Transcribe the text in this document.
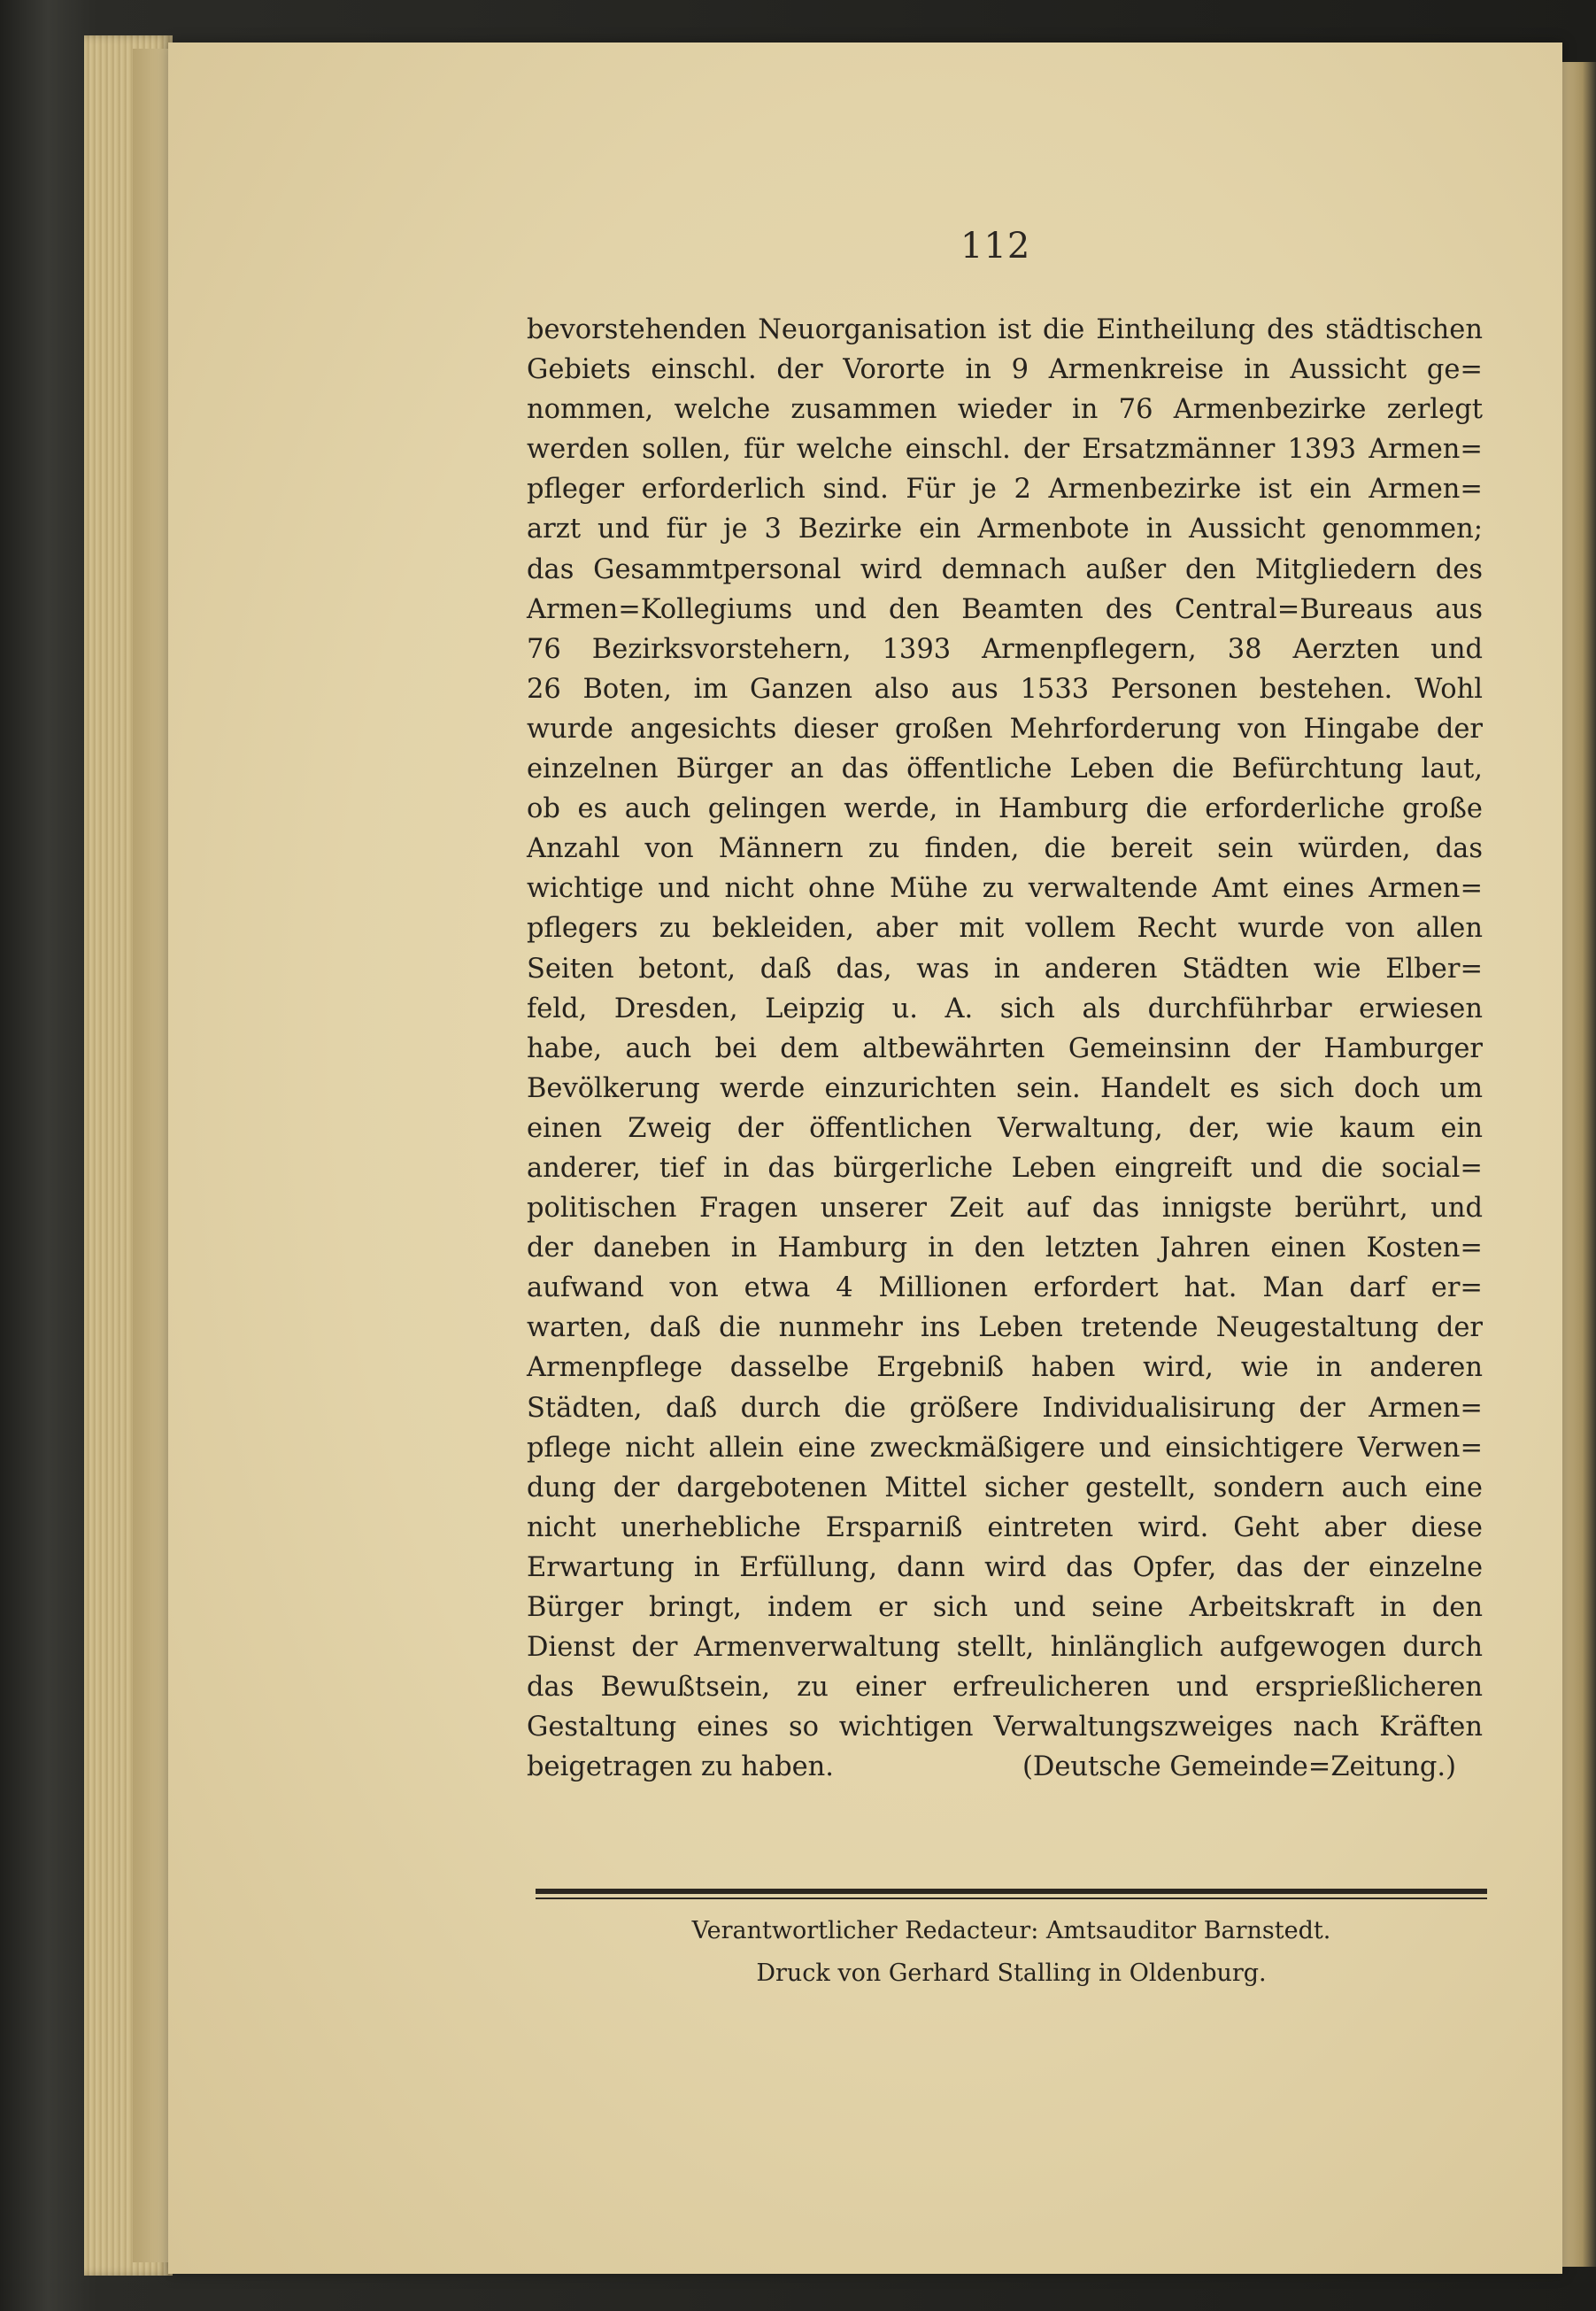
112
bevorstehenden Neuorganisation ist die Eintheilung des städtischen
Gebiets einschl. der Vororte in 9 Armenkreise in Aussicht ge=
nommen, welche zusammen wieder in 76 Armenbezirke zerlegt
werden sollen, für welche einschl. der Ersatzmänner 1393 Armen=
pfleger erforderlich sind. Für je 2 Armenbezirke ist ein Armen=
arzt und für je 3 Bezirke ein Armenbote in Aussicht genommen;
das Gesammtpersonal wird demnach außer den Mitgliedern des
Armen=Kollegiums und den Beamten des Central=Bureaus aus
76 Bezirksvorstehern, 1393 Armenpflegern, 38 Aerzten und
26 Boten, im Ganzen also aus 1533 Personen bestehen. Wohl
wurde angesichts dieser großen Mehrforderung von Hingabe der
einzelnen Bürger an das öffentliche Leben die Befürchtung laut,
ob es auch gelingen werde, in Hamburg die erforderliche große
Anzahl von Männern zu finden, die bereit sein würden, das
wichtige und nicht ohne Mühe zu verwaltende Amt eines Armen=
pflegers zu bekleiden, aber mit vollem Recht wurde von allen
Seiten betont, daß das, was in anderen Städten wie Elber=
feld, Dresden, Leipzig u. A. sich als durchführbar erwiesen
habe, auch bei dem altbewährten Gemeinsinn der Hamburger
Bevölkerung werde einzurichten sein. Handelt es sich doch um
einen Zweig der öffentlichen Verwaltung, der, wie kaum ein
anderer, tief in das bürgerliche Leben eingreift und die social=
politischen Fragen unserer Zeit auf das innigste berührt, und
der daneben in Hamburg in den letzten Jahren einen Kosten=
aufwand von etwa 4 Millionen erfordert hat. Man darf er=
warten, daß die nunmehr ins Leben tretende Neugestaltung der
Armenpflege dasselbe Ergebniß haben wird, wie in anderen
Städten, daß durch die größere Individualisirung der Armen=
pflege nicht allein eine zweckmäßigere und einsichtigere Verwen=
dung der dargebotenen Mittel sicher gestellt, sondern auch eine
nicht unerhebliche Ersparniß eintreten wird. Geht aber diese
Erwartung in Erfüllung, dann wird das Opfer, das der einzelne
Bürger bringt, indem er sich und seine Arbeitskraft in den
Dienst der Armenverwaltung stellt, hinlänglich aufgewogen durch
das Bewußtsein, zu einer erfreulicheren und ersprießlicheren
Gestaltung eines so wichtigen Verwaltungszweiges nach Kräften
beigetragen zu haben.	(Deutsche Gemeinde=Zeitung.)
Verantwortlicher Redacteur: Amtsauditor Barnstedt.
Druck von Gerhard Stalling in Oldenburg.
